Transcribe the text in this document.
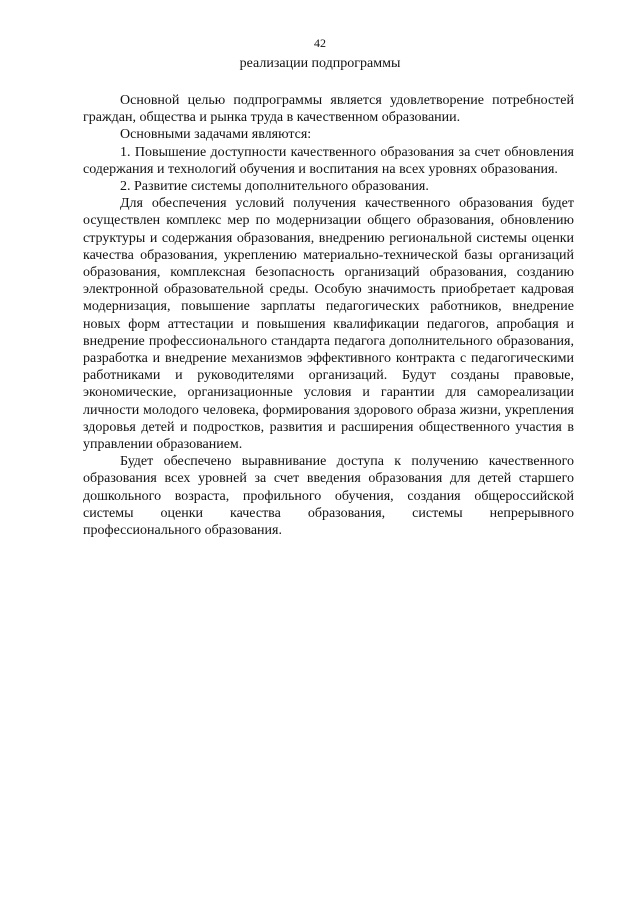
42
реализации подпрограммы

Основной целью подпрограммы является удовлетворение потребностей граждан, общества и рынка труда в качественном образовании.

Основными задачами являются:

1. Повышение доступности качественного образования за счет обновления содержания и технологий обучения и воспитания на всех уровнях образования.

2. Развитие системы дополнительного образования.

Для обеспечения условий получения качественного образования будет осуществлен комплекс мер по модернизации общего образования, обновлению структуры и содержания образования, внедрению региональной системы оценки качества образования, укреплению материально-технической базы организаций образования, комплексная безопасность организаций образования, созданию электронной образовательной среды. Особую значимость приобретает кадровая модернизация, повышение зарплаты педагогических работников, внедрение новых форм аттестации и повышения квалификации педагогов, апробация и внедрение профессионального стандарта педагога дополнительного образования, разработка и внедрение механизмов эффективного контракта с педагогическими работниками и руководителями организаций. Будут созданы правовые, экономические, организационные условия и гарантии для самореализации личности молодого человека, формирования здорового образа жизни, укрепления здоровья детей и подростков, развития и расширения общественного участия в управлении образованием.

Будет обеспечено выравнивание доступа к получению качественного образования всех уровней за счет введения образования для детей старшего дошкольного возраста, профильного обучения, создания общероссийской системы оценки качества образования, системы непрерывного профессионального образования.
